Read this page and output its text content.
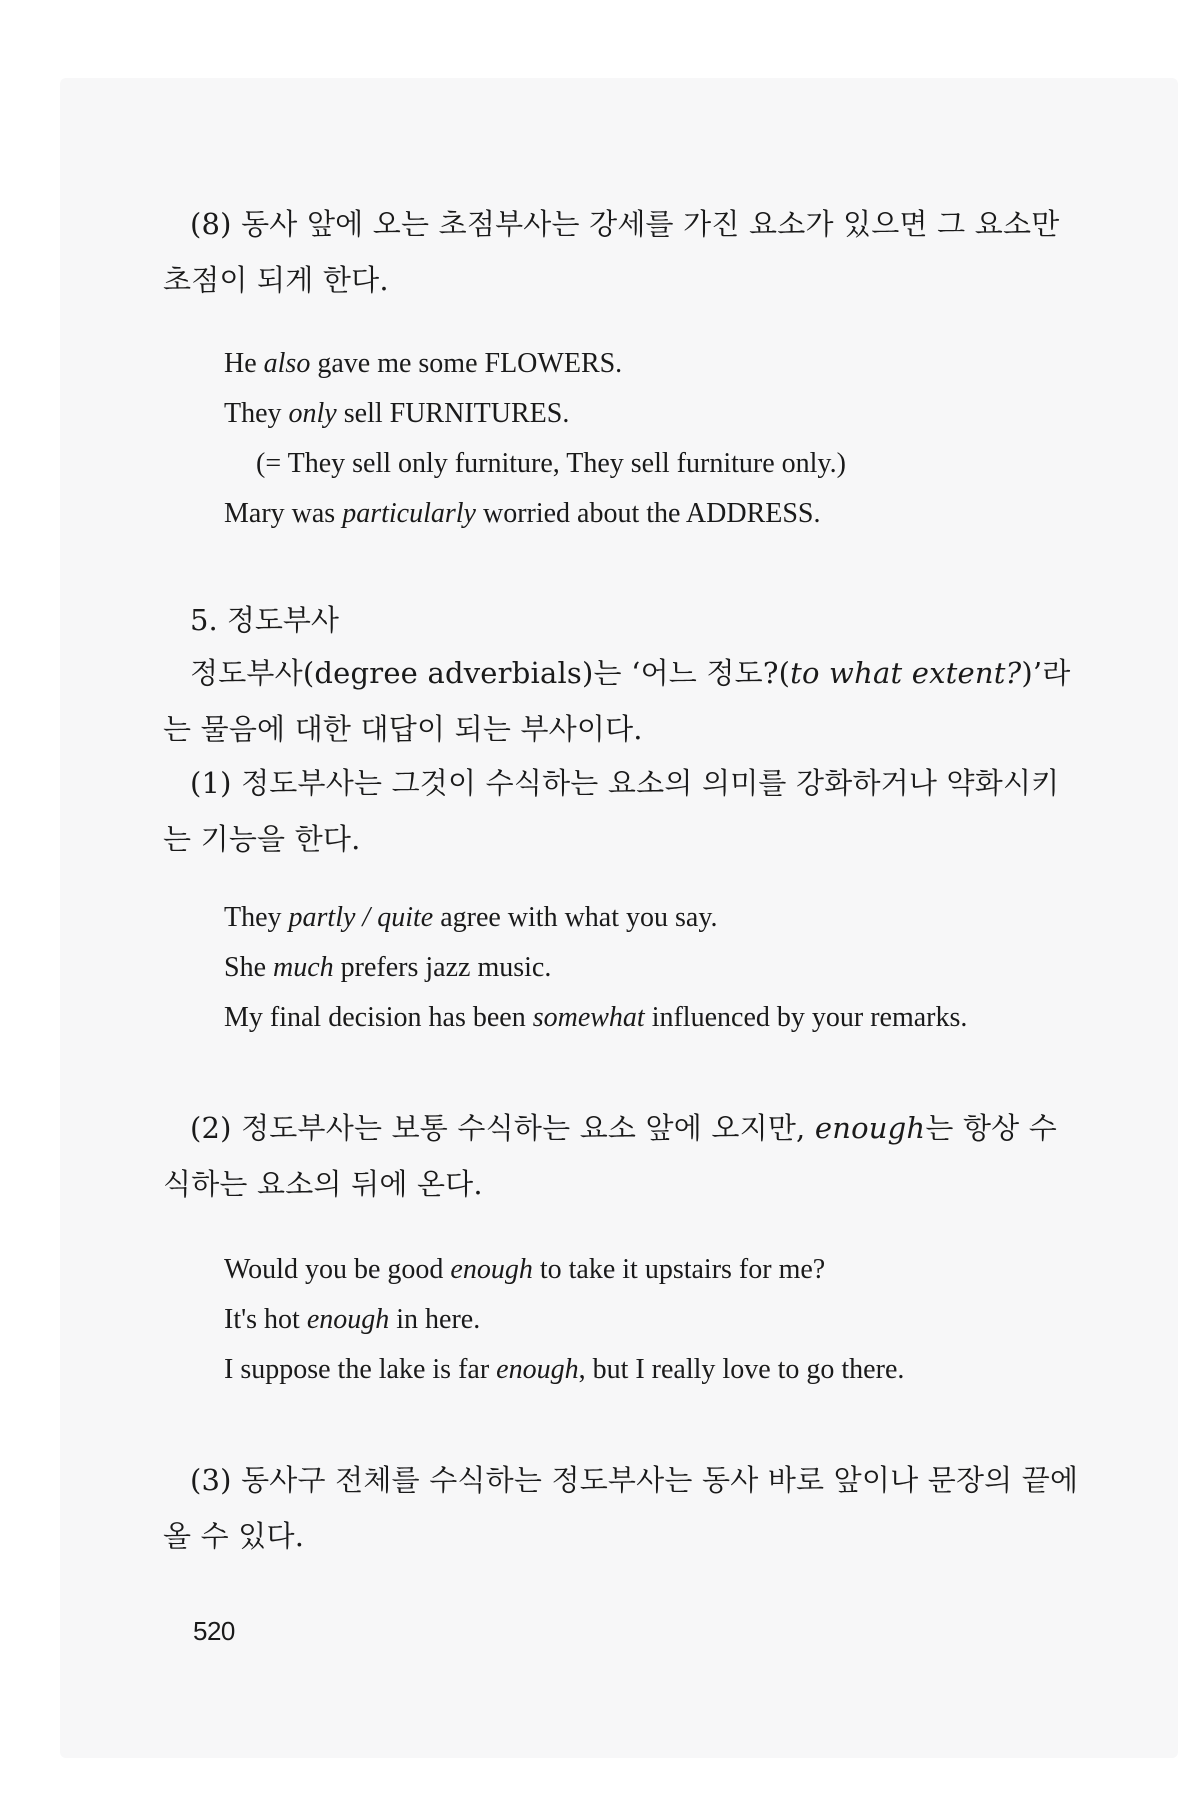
(8) 동사 앞에 오는 초점부사는 강세를 가진 요소가 있으면 그 요소만 초점이 되게 한다.

He also gave me some FLOWERS.
They only sell FURNITURES.
(= They sell only furniture, They sell furniture only.)
Mary was particularly worried about the ADDRESS.
5. 정도부사

정도부사(degree adverbials)는 ‘어느 정도?(to what extent?)’라는 물음에 대한 대답이 되는 부사이다.

(1) 정도부사는 그것이 수식하는 요소의 의미를 강화하거나 약화시키는 기능을 한다.

They partly / quite agree with what you say.
She much prefers jazz music.
My final decision has been somewhat influenced by your remarks.

(2) 정도부사는 보통 수식하는 요소 앞에 오지만, enough는 항상 수식하는 요소의 뒤에 온다.

Would you be good enough to take it upstairs for me?
It's hot enough in here.
I suppose the lake is far enough, but I really love to go there.

(3) 동사구 전체를 수식하는 정도부사는 동사 바로 앞이나 문장의 끝에 올 수 있다.

520
